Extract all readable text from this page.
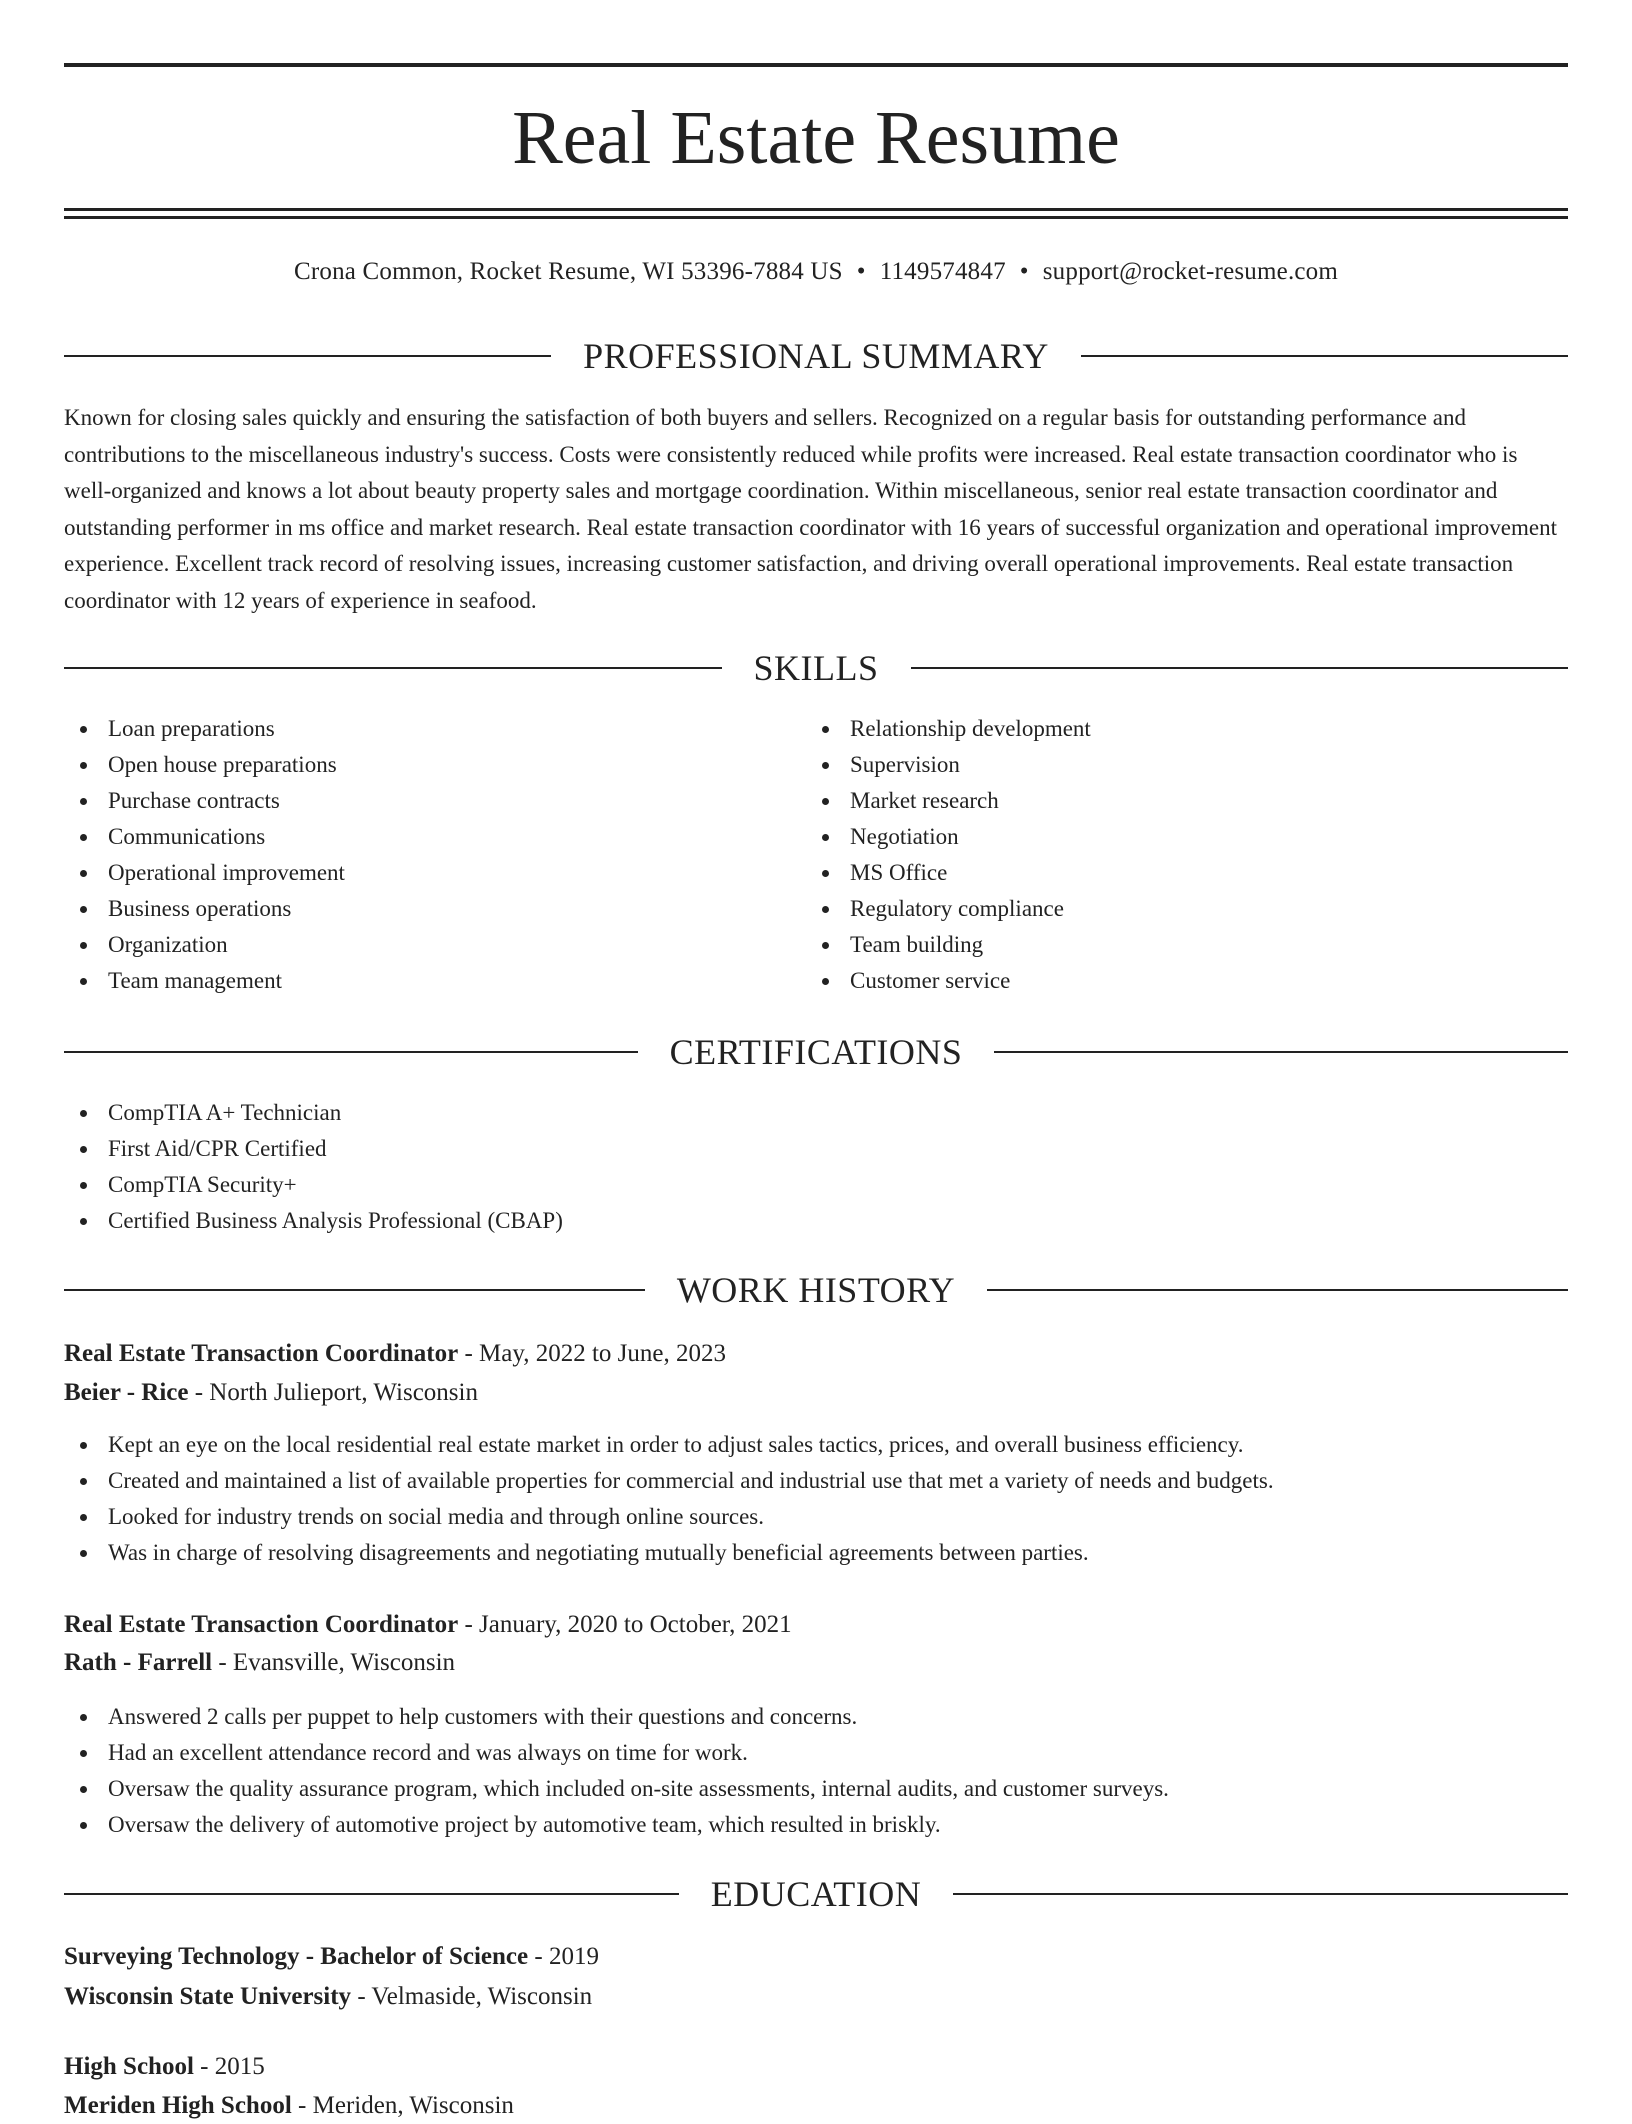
Real Estate Resume
Crona Common, Rocket Resume, WI 53396-7884 US • 1149574847 • support@rocket-resume.com
PROFESSIONAL SUMMARY

Known for closing sales quickly and ensuring the satisfaction of both buyers and sellers. Recognized on a regular basis for outstanding performance and contributions to the miscellaneous industry's success. Costs were consistently reduced while profits were increased. Real estate transaction coordinator who is well-organized and knows a lot about beauty property sales and mortgage coordination. Within miscellaneous, senior real estate transaction coordinator and outstanding performer in ms office and market research. Real estate transaction coordinator with 16 years of successful organization and operational improvement experience. Excellent track record of resolving issues, increasing customer satisfaction, and driving overall operational improvements. Real estate transaction coordinator with 12 years of experience in seafood.

SKILLS
Loan preparations
Open house preparations
Purchase contracts
Communications
Operational improvement
Business operations
Organization
Team management
Relationship development
Supervision
Market research
Negotiation
MS Office
Regulatory compliance
Team building
Customer service
CERTIFICATIONS
CompTIA A+ Technician
First Aid/CPR Certified
CompTIA Security+
Certified Business Analysis Professional (CBAP)
WORK HISTORY
Real Estate Transaction Coordinator - May, 2022 to June, 2023
Beier - Rice - North Julieport, Wisconsin
Kept an eye on the local residential real estate market in order to adjust sales tactics, prices, and overall business efficiency.
Created and maintained a list of available properties for commercial and industrial use that met a variety of needs and budgets.
Looked for industry trends on social media and through online sources.
Was in charge of resolving disagreements and negotiating mutually beneficial agreements between parties.
Real Estate Transaction Coordinator - January, 2020 to October, 2021
Rath - Farrell - Evansville, Wisconsin
Answered 2 calls per puppet to help customers with their questions and concerns.
Had an excellent attendance record and was always on time for work.
Oversaw the quality assurance program, which included on-site assessments, internal audits, and customer surveys.
Oversaw the delivery of automotive project by automotive team, which resulted in briskly.
EDUCATION
Surveying Technology - Bachelor of Science - 2019
Wisconsin State University - Velmaside, Wisconsin
High School - 2015
Meriden High School - Meriden, Wisconsin
